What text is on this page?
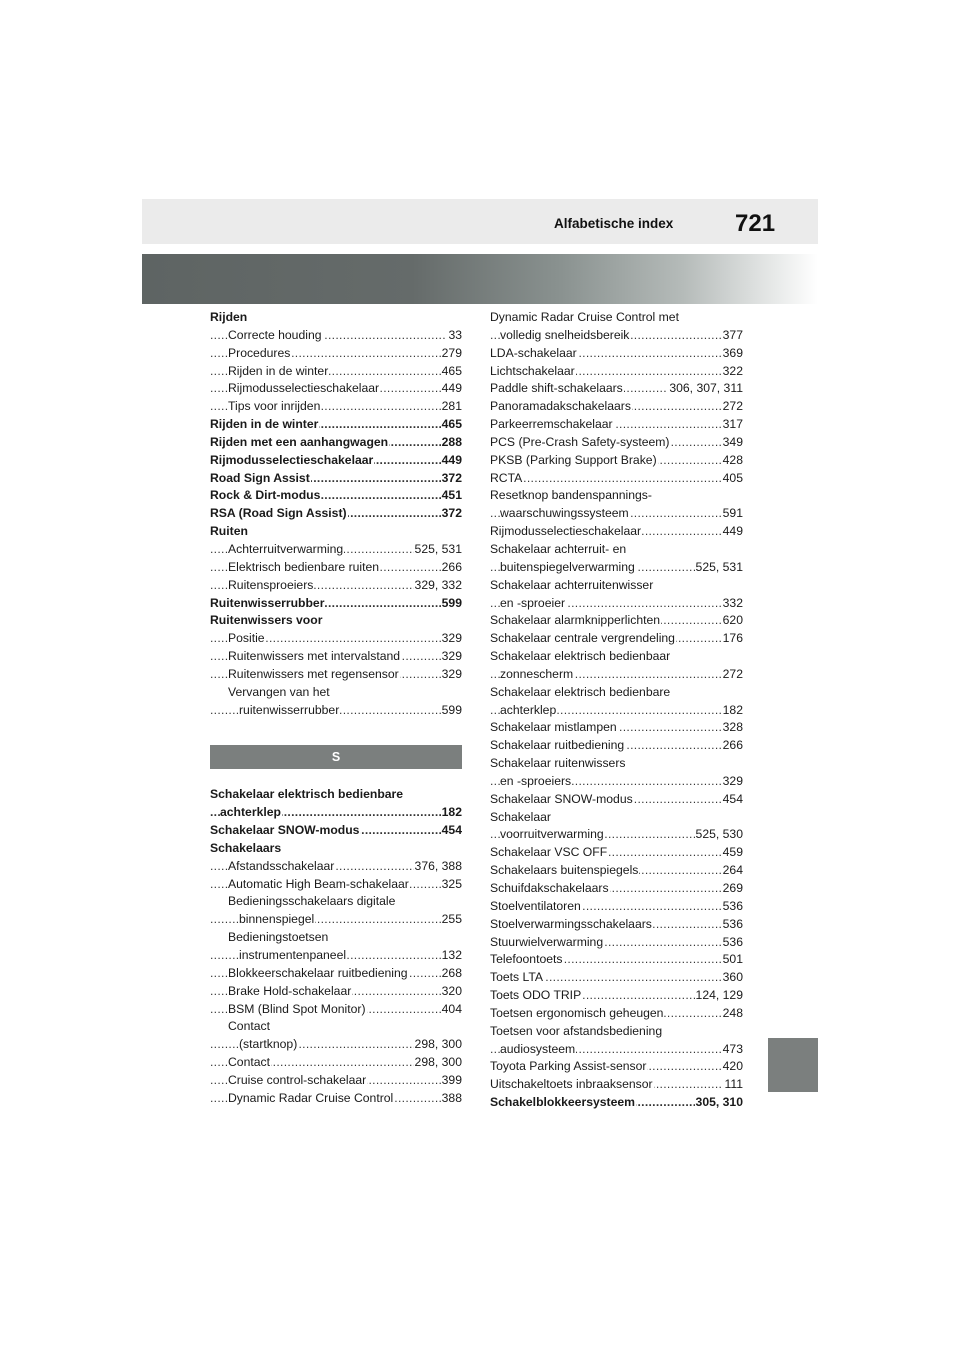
Alfabetische index	721
Rijden
Correcte houding	33
.....
Procedures	279
.....
Rijden in de winter	465
.....
Rijmodusselectieschakelaar	449
.....
Tips voor inrijden	281
.....
Rijden in de winter	465
.....
Rijden met een aanhangwagen	288
.....
Rijmodusselectieschakelaar	449
.....
Road Sign Assist	372
.....
Rock & Dirt-modus	451
.....
RSA (Road Sign Assist)	372
.....
Ruiten
Achterruitverwarming	525, 531
.....
Elektrisch bedienbare ruiten	266
.....
Ruitensproeiers	329, 332
.....
Ruitenwisserrubber	599
.....
Ruitenwissers voor
Positie	329
.....
Ruitenwissers met intervalstand	329
.....
Ruitenwissers met regensensor	329
.....
Vervangen van het
ruitenwisserrubber	599
.....
S
Schakelaar elektrisch bedienbare
achterklep	182
.....
Schakelaar SNOW-modus	454
.....
Schakelaars
Afstandsschakelaar	376, 388
.....
Automatic High Beam-schakelaar	325
.....
Bedieningsschakelaars digitale
binnenspiegel	255
.....
Bedieningstoetsen
instrumentenpaneel	132
.....
Blokkeerschakelaar ruitbediening	268
.....
Brake Hold-schakelaar	320
.....
BSM (Blind Spot Monitor)	404
.....
Contact
(startknop)	298, 300
.....
Contact	298, 300
.....
Cruise control-schakelaar	399
.....
Dynamic Radar Cruise Control	388
.....
Dynamic Radar Cruise Control met
volledig snelheidsbereik	377
.....
LDA-schakelaar	369
.....
Lichtschakelaar	322
.....
Paddle shift-schakelaars	306, 307, 311
.....
Panoramadakschakelaars	272
.....
Parkeerremschakelaar	317
.....
PCS (Pre-Crash Safety-systeem)	349
.....
PKSB (Parking Support Brake)	428
.....
RCTA	405
.....
Resetknop bandenspannings-
waarschuwingssysteem	591
.....
Rijmodusselectieschakelaar	449
.....
Schakelaar achterruit- en
buitenspiegelverwarming	525, 531
.....
Schakelaar achterruitenwisser
en -sproeier	332
.....
Schakelaar alarmknipperlichten	620
.....
Schakelaar centrale vergrendeling	176
.....
Schakelaar elektrisch bedienbaar
zonnescherm	272
.....
Schakelaar elektrisch bedienbare
achterklep	182
.....
Schakelaar mistlampen	328
.....
Schakelaar ruitbediening	266
.....
Schakelaar ruitenwissers
en -sproeiers	329
.....
Schakelaar SNOW-modus	454
.....
Schakelaar
voorruitverwarming	525, 530
.....
Schakelaar VSC OFF	459
.....
Schakelaars buitenspiegels	264
.....
Schuifdakschakelaars	269
.....
Stoelventilatoren	536
.....
Stoelverwarmingsschakelaars	536
.....
Stuurwielverwarming	536
.....
Telefoontoets	501
.....
Toets LTA	360
.....
Toets ODO TRIP	124, 129
.....
Toetsen ergonomisch geheugen	248
.....
Toetsen voor afstandsbediening
audiosysteem	473
.....
Toyota Parking Assist-sensor	420
.....
Uitschakeltoets inbraaksensor	111
.....
Schakelblokkeersysteem	305, 310
.....
